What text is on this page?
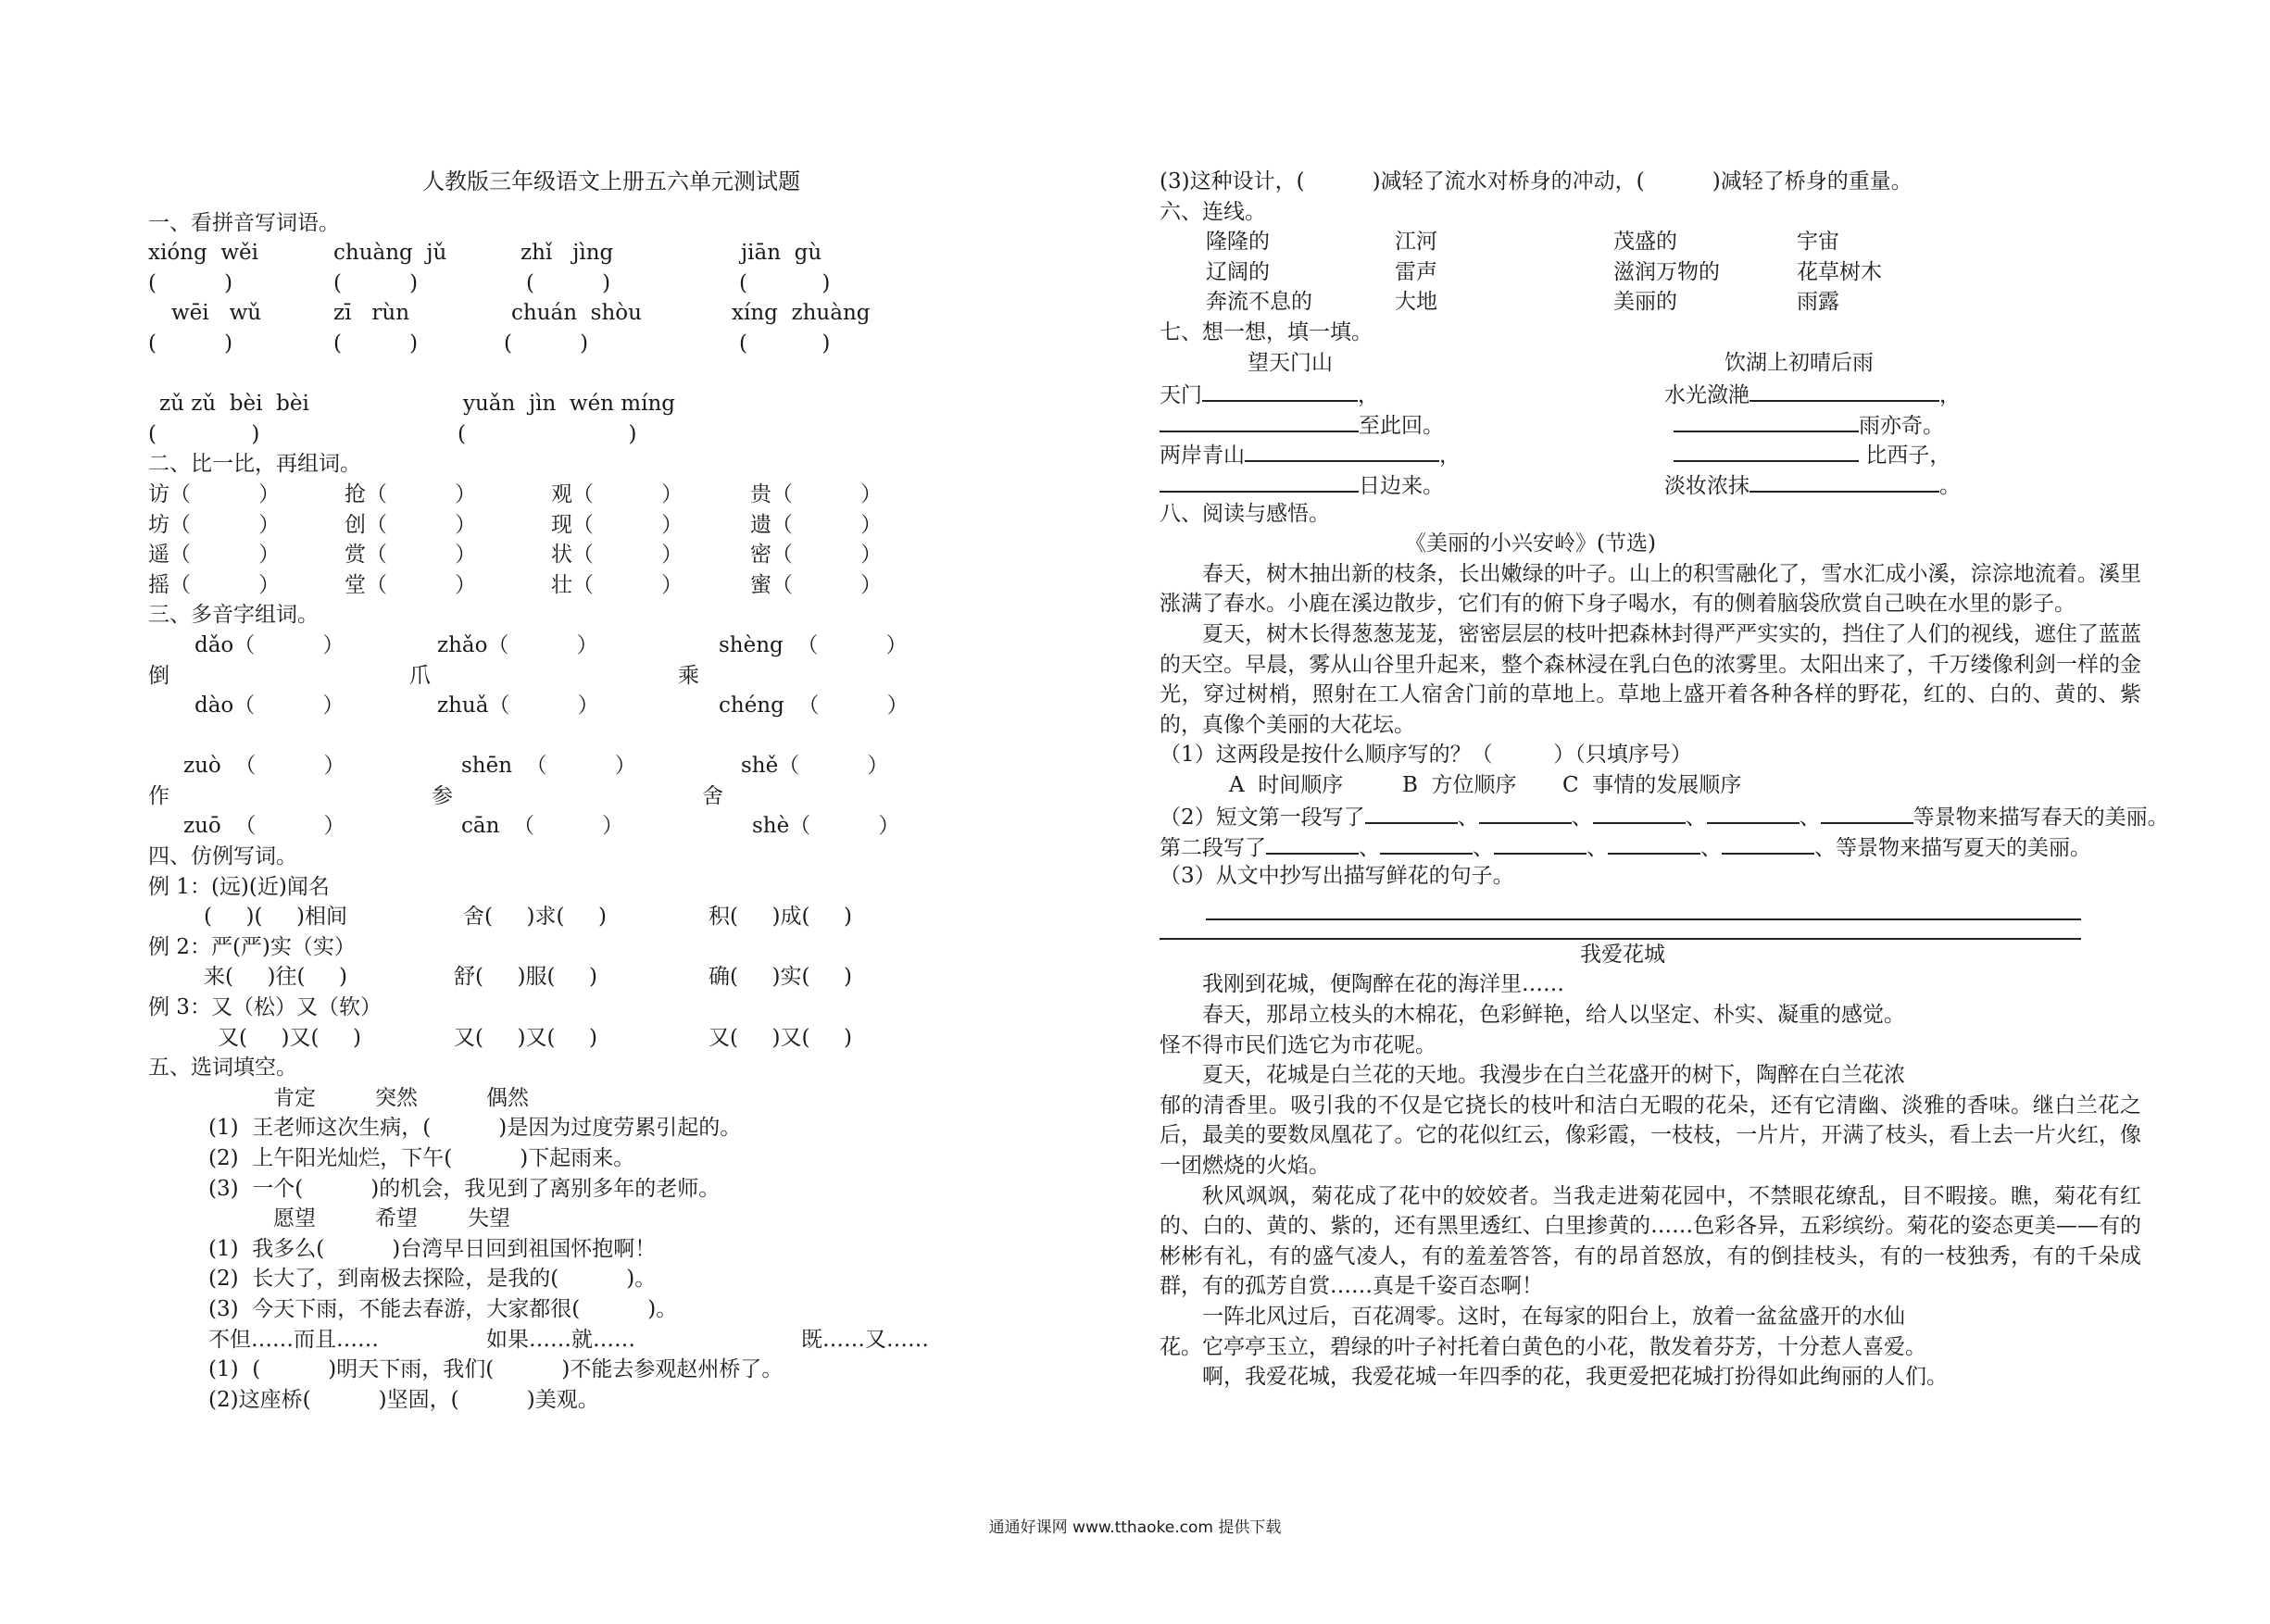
人教版三年级语文上册五六单元测试题
一、看拼音写词语。
xióng  wěi	chuàng  jǔ	zhǐ   jìng	jiān  gù
(          )	(          )	(          )	(           )
wēi   wǔ	zī   rùn	chuán  shòu	xíng  zhuàng
(          )	(          )	(          )	(           )
zǔ zǔ  bèi  bèi	yuǎn  jìn  wén míng
(              )	(                        )
二、比一比，再组词。
访（          ）	抢（          ）	观（          ）	贵（          ）
坊（          ）	创（          ）	现（          ）	遗（          ）
遥（          ）	赏（          ）	状（          ）	密（          ）
摇（          ）	堂（          ）	壮（          ）	蜜（          ）
三、多音字组词。
dǎo（          ）	zhǎo（          ）	shèng  （          ）
倒	爪	乘
dào（          ）	zhuǎ（          ）	chéng  （          ）
zuò  （          ）	shēn  （          ）	shě（          ）
作	参	舍
zuō  （          ）	cān  （          ）	shè（          ）
四、仿例写词。
例 1：(远)(近)闻名
(     )(     )相间	舍(     )求(     )	积(     )成(     )
例 2：严(严)实（实）
来(     )往(     )	舒(     )服(     )	确(     )实(     )
例 3：又（松）又（软）
又(     )又(     )	又(     )又(     )	又(     )又(     )
五、选词填空。
肯定	突然	偶然
(1)  王老师这次生病，(          )是因为过度劳累引起的。
(2)  上午阳光灿烂，下午(          )下起雨来。
(3)  一个(          )的机会，我见到了离别多年的老师。
愿望	希望 失望
(1)  我多么(          )台湾早日回到祖国怀抱啊！
(2)  长大了，到南极去探险，是我的(          )。
(3)  今天下雨，不能去春游，大家都很(          )。
不但……而且……	如果……就……	既……又……
(1)  (          )明天下雨，我们(          )不能去参观赵州桥了。
(2)这座桥(          )坚固，(          )美观。
(3)这种设计，(          )减轻了流水对桥身的冲动，(          )减轻了桥身的重量。
六、连线。
隆隆的	江河	茂盛的	宇宙
辽阔的	雷声	滋润万物的	花草树木
奔流不息的	大地	美丽的	雨露
七、想一想，填一填。
望天门山	饮湖上初晴后雨
天门	，	水光潋滟	，
至此回。	雨亦奇。
两岸青山	，	比西子，
日边来。	淡妆浓抹	。
八、阅读与感悟。
《美丽的小兴安岭》(节选)
春天，树木抽出新的枝条，长出嫩绿的叶子。山上的积雪融化了，雪水汇成小溪，淙淙地流着。溪里涨满了春水。小鹿在溪边散步，它们有的俯下身子喝水，有的侧着脑袋欣赏自己映在水里的影子。
夏天，树木长得葱葱茏茏，密密层层的枝叶把森林封得严严实实的，挡住了人们的视线，遮住了蓝蓝的天空。早晨，雾从山谷里升起来，整个森林浸在乳白色的浓雾里。太阳出来了，千万缕像利剑一样的金光，穿过树梢，照射在工人宿舍门前的草地上。草地上盛开着各种各样的野花，红的、白的、黄的、紫的，真像个美丽的大花坛。
（1）这两段是按什么顺序写的？（         ）（只填序号）
A  时间顺序	B  方位顺序 C  事情的发展顺序
（2）短文第一段写了	、	、	、	、	等景物来描写春天的美丽。
第二段写了	、	、	、	、	、等景物来描写夏天的美丽。
（3）从文中抄写出描写鲜花的句子。
我爱花城
我刚到花城，便陶醉在花的海洋里……
春天，那昂立枝头的木棉花，色彩鲜艳，给人以坚定、朴实、凝重的感觉。
怪不得市民们选它为市花呢。
夏天，花城是白兰花的天地。我漫步在白兰花盛开的树下，陶醉在白兰花浓
郁的清香里。吸引我的不仅是它挠长的枝叶和洁白无暇的花朵，还有它清幽、淡雅的香味。继白兰花之后，最美的要数凤凰花了。它的花似红云，像彩霞，一枝枝，一片片，开满了枝头，看上去一片火红，像一团燃烧的火焰。
秋风飒飒，菊花成了花中的姣姣者。当我走进菊花园中，不禁眼花缭乱，目不暇接。瞧，菊花有红的、白的、黄的、紫的，还有黑里透红、白里掺黄的……色彩各异，五彩缤纷。菊花的姿态更美——有的彬彬有礼，有的盛气凌人，有的羞羞答答，有的昂首怒放，有的倒挂枝头，有的一枝独秀，有的千朵成群，有的孤芳自赏……真是千姿百态啊！
一阵北风过后，百花凋零。这时，在每家的阳台上，放着一盆盆盛开的水仙
花。它亭亭玉立，碧绿的叶子衬托着白黄色的小花，散发着芬芳，十分惹人喜爱。
啊，我爱花城，我爱花城一年四季的花，我更爱把花城打扮得如此绚丽的人们。
通通好课网 www.tthaoke.com 提供下载
